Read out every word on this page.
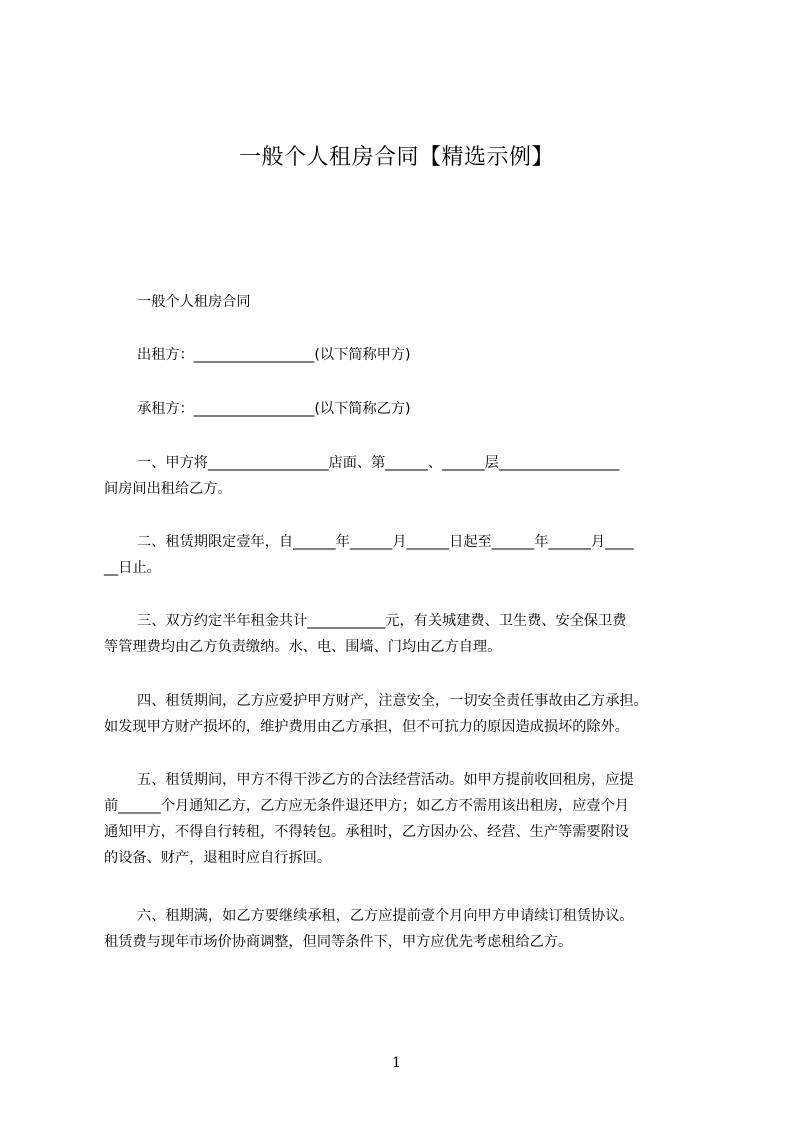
一般个人租房合同【精选示例】
一般个人租房合同
出租方：_________________(以下简称甲方)
承租方：_________________(以下简称乙方)
一、甲方将_________________店面、第______、______层_________________
间房间出租给乙方。
二、租赁期限定壹年，自______年______月______日起至______年______月____
__日止。
三、双方约定半年租金共计___________元，有关城建费、卫生费、安全保卫费
等管理费均由乙方负责缴纳。水、电、围墙、门均由乙方自理。
四、租赁期间，乙方应爱护甲方财产，注意安全，一切安全责任事故由乙方承担。
如发现甲方财产损坏的，维护费用由乙方承担，但不可抗力的原因造成损坏的除外。
五、租赁期间，甲方不得干涉乙方的合法经营活动。如甲方提前收回租房，应提
前______个月通知乙方，乙方应无条件退还甲方；如乙方不需用该出租房，应壹个月
通知甲方，不得自行转租，不得转包。承租时，乙方因办公、经营、生产等需要附设
的设备、财产，退租时应自行拆回。
六、租期满，如乙方要继续承租，乙方应提前壹个月向甲方申请续订租赁协议。
租赁费与现年市场价协商调整，但同等条件下，甲方应优先考虑租给乙方。
1
